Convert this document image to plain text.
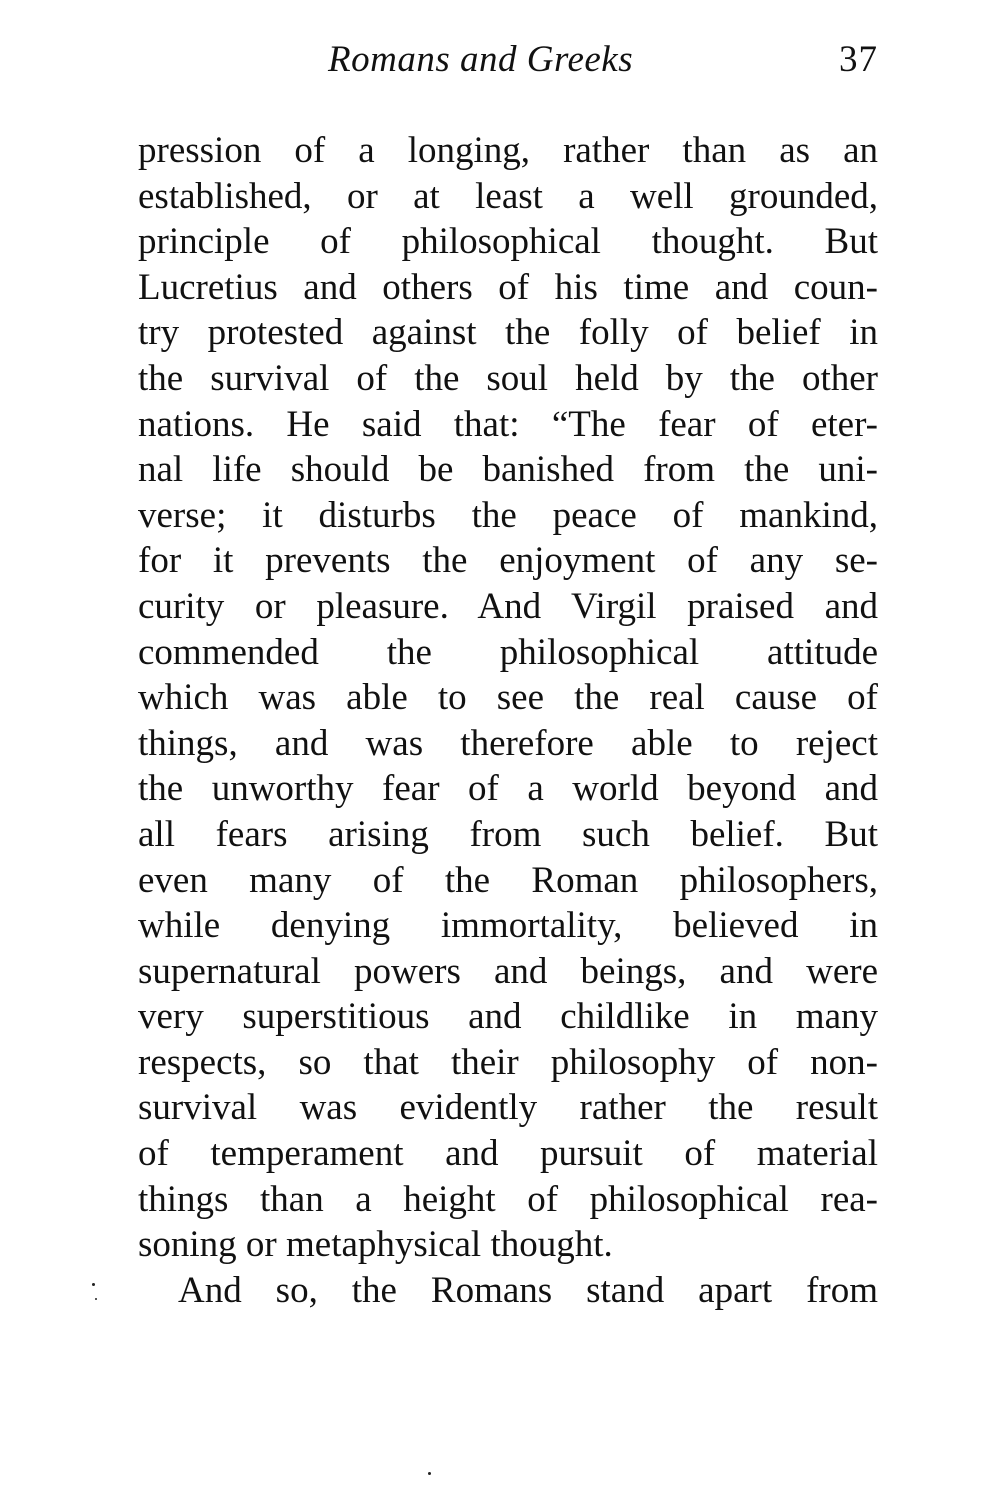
Romans and Greeks	37
pression of a longing, rather than as an
established, or at least a well grounded,
principle of philosophical thought. But
Lucretius and others of his time and coun-
try protested against the folly of belief in
the survival of the soul held by the other
nations. He said that: “The fear of eter-
nal life should be banished from the uni-
verse; it disturbs the peace of mankind,
for it prevents the enjoyment of any se-
curity or pleasure. And Virgil praised and
commended the philosophical attitude
which was able to see the real cause of
things, and was therefore able to reject
the unworthy fear of a world beyond and
all fears arising from such belief. But
even many of the Roman philosophers,
while denying immortality, believed in
supernatural powers and beings, and were
very superstitious and childlike in many
respects, so that their philosophy of non-
survival was evidently rather the result
of temperament and pursuit of material
things than a height of philosophical rea-
soning or metaphysical thought.
And so, the Romans stand apart from
